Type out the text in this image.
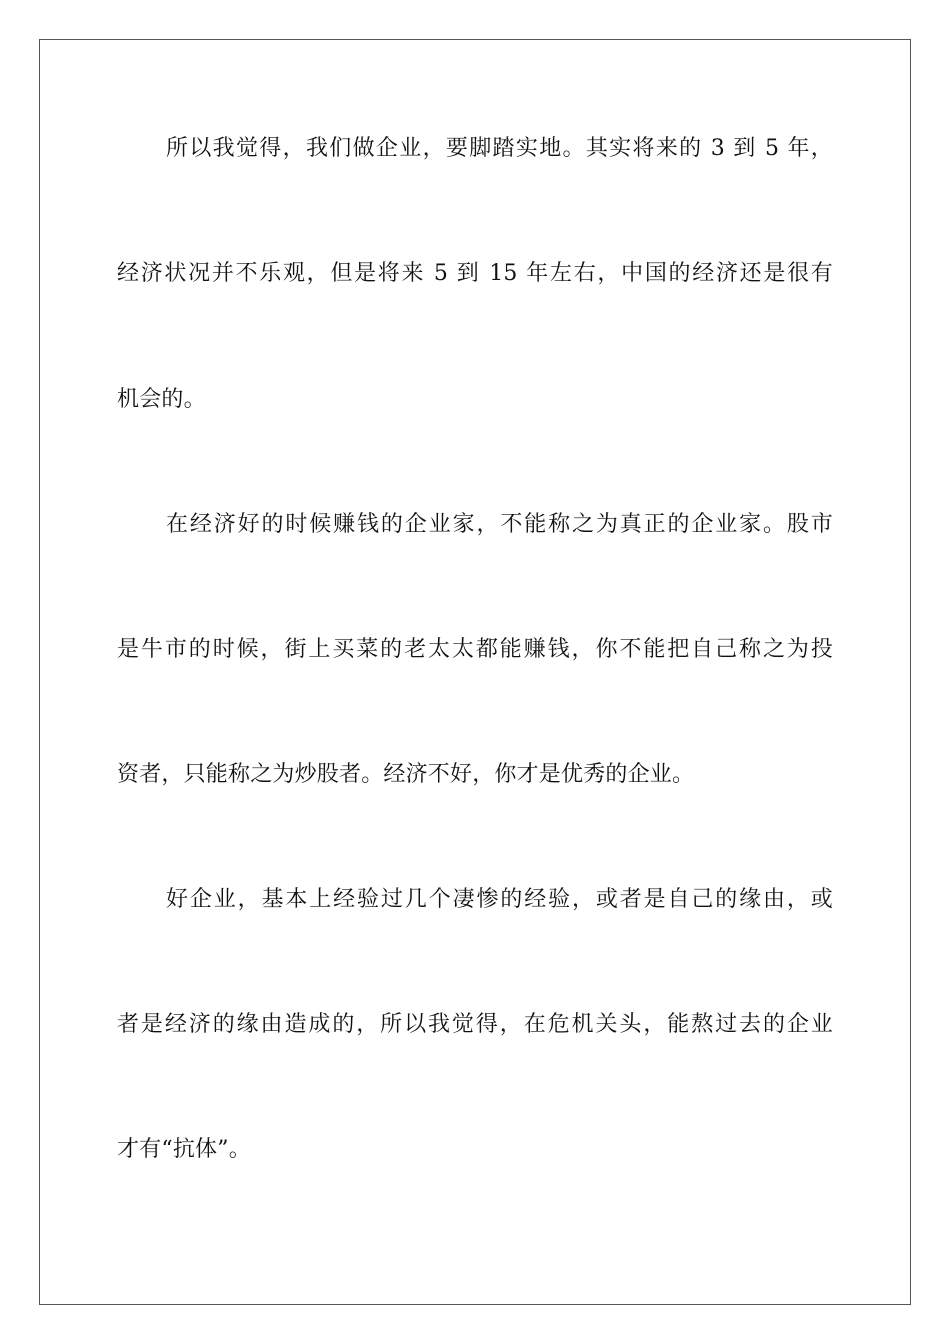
所以我觉得，我们做企业，要脚踏实地。其实将来的 3 到 5 年，
经济状况并不乐观，但是将来 5 到 15 年左右，中国的经济还是很有
机会的。
在经济好的时候赚钱的企业家，不能称之为真正的企业家。股市
是牛市的时候，街上买菜的老太太都能赚钱，你不能把自己称之为投
资者，只能称之为炒股者。经济不好，你才是优秀的企业。
好企业，基本上经验过几个凄惨的经验，或者是自己的缘由，或
者是经济的缘由造成的，所以我觉得，在危机关头，能熬过去的企业
才有“抗体”。
